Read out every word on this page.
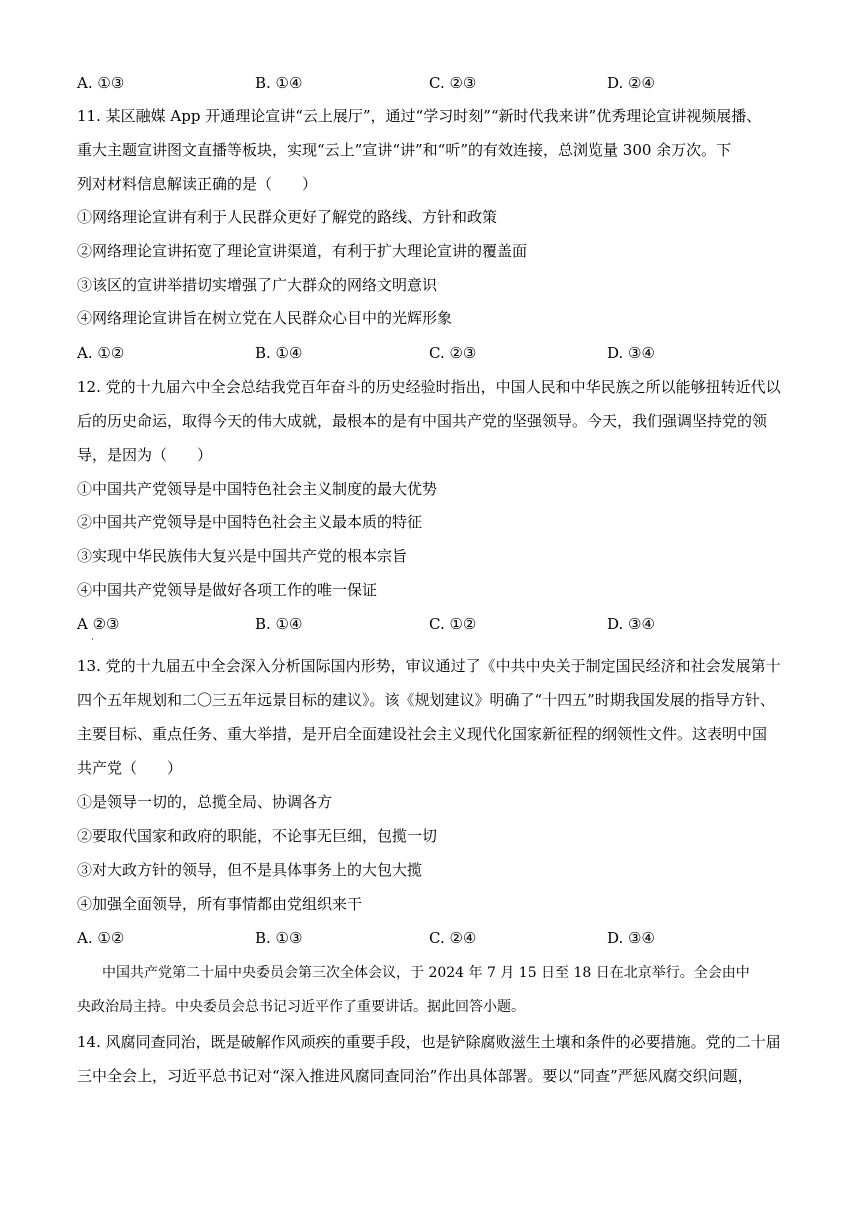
A. ①③	B. ①④	C. ②③	D. ②④
11. 某区融媒 App 开通理论宣讲“云上展厅”，通过“学习时刻”“新时代我来讲”优秀理论宣讲视频展播、
重大主题宣讲图文直播等板块，实现“云上”宣讲“讲”和“听”的有效连接，总浏览量 300 余万次。下
列对材料信息解读正确的是（　　）
①网络理论宣讲有利于人民群众更好了解党的路线、方针和政策
②网络理论宣讲拓宽了理论宣讲渠道，有利于扩大理论宣讲的覆盖面
③该区的宣讲举措切实增强了广大群众的网络文明意识
④网络理论宣讲旨在树立党在人民群众心目中的光辉形象
A. ①②	B. ①④	C. ②③	D. ③④
12. 党的十九届六中全会总结我党百年奋斗的历史经验时指出，中国人民和中华民族之所以能够扭转近代以
后的历史命运，取得今天的伟大成就，最根本的是有中国共产党的坚强领导。今天，我们强调坚持党的领
导，是因为（　　）
①中国共产党领导是中国特色社会主义制度的最大优势
②中国共产党领导是中国特色社会主义最本质的特征
③实现中华民族伟大复兴是中国共产党的根本宗旨
④中国共产党领导是做好各项工作的唯一保证
A ②③	B. ①④	C. ①②	D. ③④
·
13. 党的十九届五中全会深入分析国际国内形势，审议通过了《中共中央关于制定国民经济和社会发展第十
四个五年规划和二〇三五年远景目标的建议》。该《规划建议》明确了“十四五”时期我国发展的指导方针、
主要目标、重点任务、重大举措，是开启全面建设社会主义现代化国家新征程的纲领性文件。这表明中国
共产党（　　）
①是领导一切的，总揽全局、协调各方
②要取代国家和政府的职能，不论事无巨细，包揽一切
③对大政方针的领导，但不是具体事务上的大包大揽
④加强全面领导，所有事情都由党组织来干
A. ①②	B. ①③	C. ②④	D. ③④
中国共产党第二十届中央委员会第三次全体会议，于 2024 年 7 月 15 日至 18 日在北京举行。全会由中
央政治局主持。中央委员会总书记习近平作了重要讲话。据此回答小题。
14. 风腐同查同治，既是破解作风顽疾的重要手段，也是铲除腐败滋生土壤和条件的必要措施。党的二十届
三中全会上，习近平总书记对“深入推进风腐同查同治”作出具体部署。要以“同查”严惩风腐交织问题，
